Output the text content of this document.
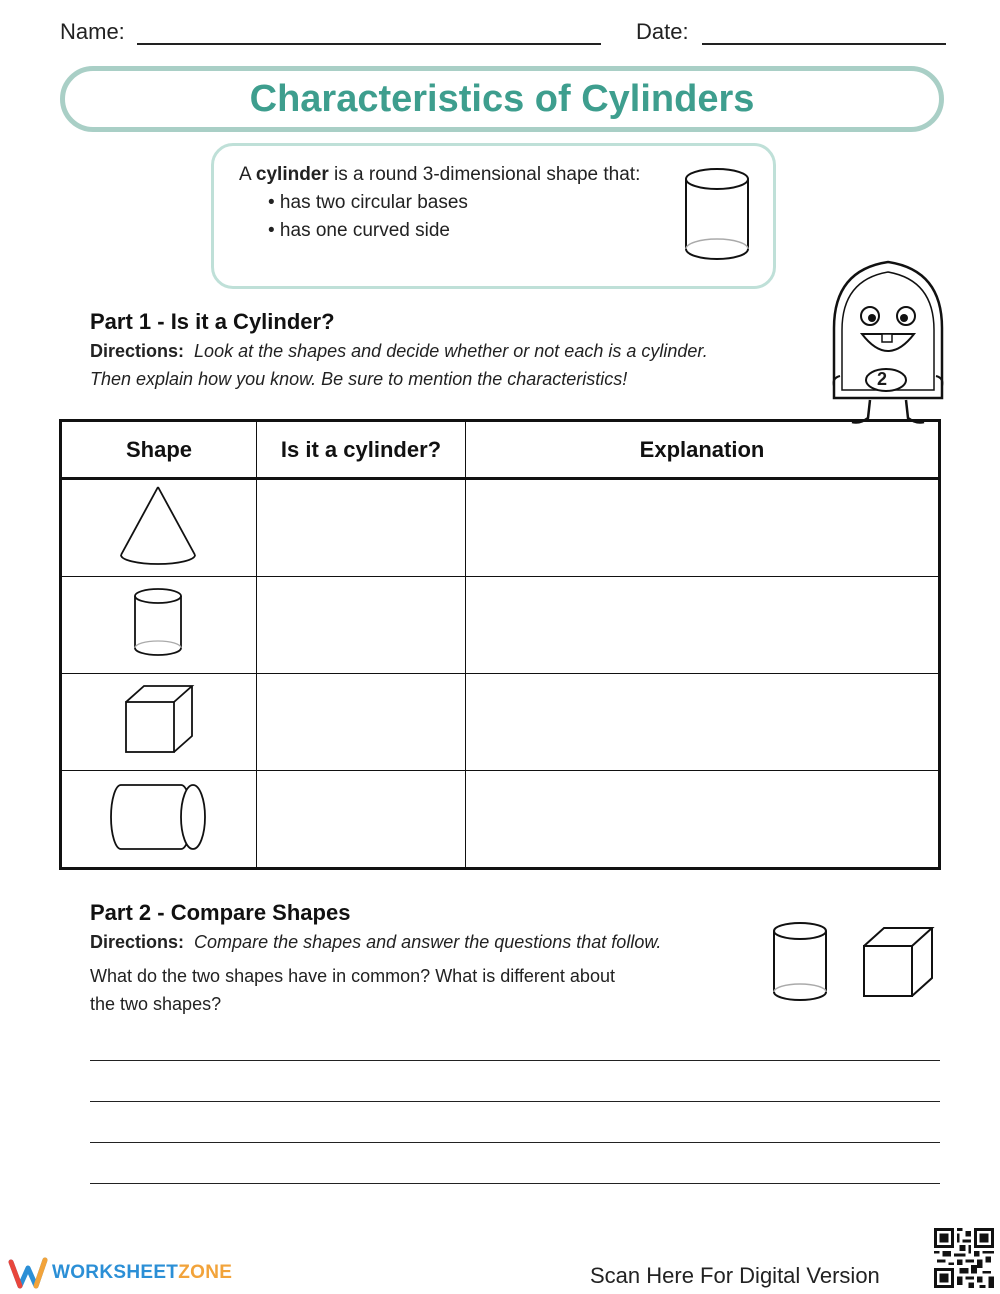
Name:	Date:
Characteristics of Cylinders
A cylinder is a round 3-dimensional shape that:
• has two circular bases
• has one curved side
Part 1 - Is it a Cylinder?
Directions: Look at the shapes and decide whether or not each is a cylinder.
Then explain how you know. Be sure to mention the characteristics!	2
Shape	Is it a cylinder?	Explanation

Part 2 - Compare Shapes
Directions: Compare the shapes and answer the questions that follow.
What do the two shapes have in common? What is different about
the two shapes?
WORKSHEETZONE	Scan Here For Digital Version
